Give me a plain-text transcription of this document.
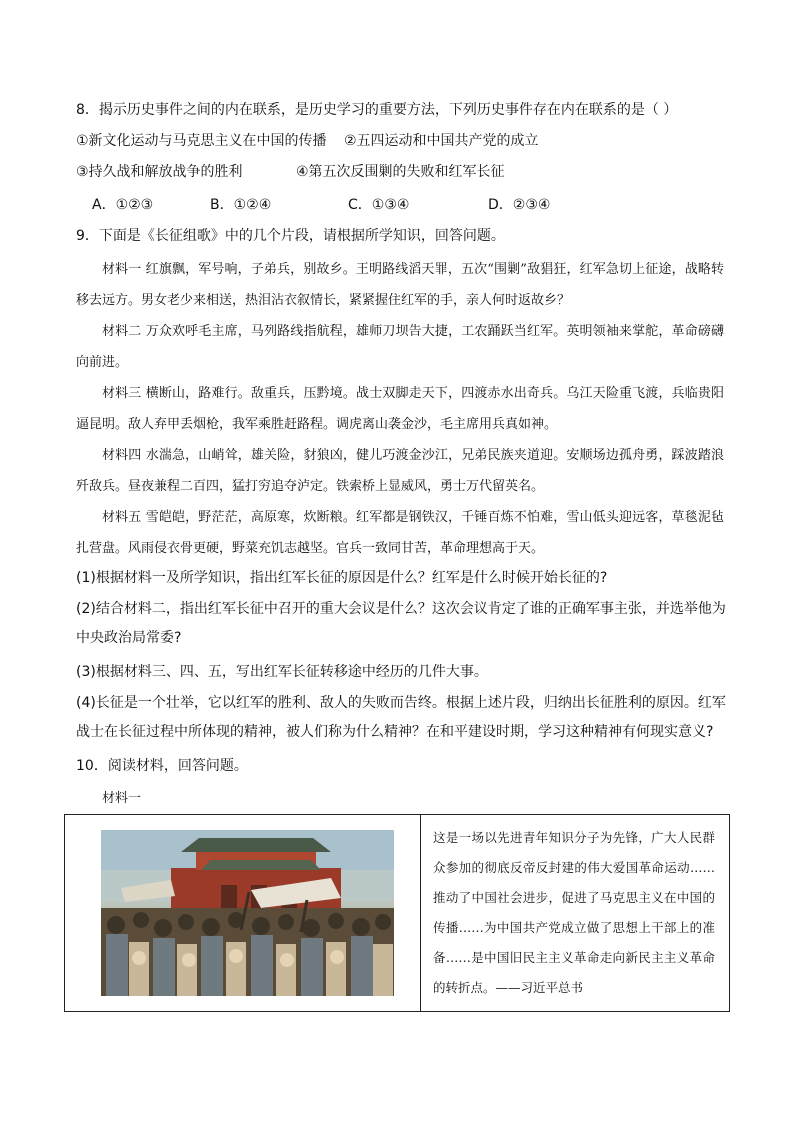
8．揭示历史事件之间的内在联系，是历史学习的重要方法，下列历史事件存在内在联系的是（ ）
①新文化运动与马克思主义在中国的传播 ②五四运动和中国共产党的成立
③持久战和解放战争的胜利	④第五次反围剿的失败和红军长征
A．①②③	B．①②④	C．①③④	D．②③④
9．下面是《长征组歌》中的几个片段，请根据所学知识，回答问题。
材料一 红旗飘，军号响，子弟兵，别故乡。王明路线滔天罪，五次“围剿”敌猖狂，红军急切上征途，战略转移去远方。男女老少来相送，热泪沾衣叙情长，紧紧握住红军的手，亲人何时返故乡？
材料二 万众欢呼毛主席，马列路线指航程，雄师刀坝告大捷，工农踊跃当红军。英明领袖来掌舵，革命磅礴向前进。
材料三 横断山，路难行。敌重兵，压黔境。战士双脚走天下，四渡赤水出奇兵。乌江天险重飞渡，兵临贵阳逼昆明。敌人弃甲丢烟枪，我军乘胜赶路程。调虎离山袭金沙，毛主席用兵真如神。
材料四 水湍急，山峭耸，雄关险，豺狼凶，健儿巧渡金沙江，兄弟民族夹道迎。安顺场边孤舟勇，踩波踏浪歼敌兵。昼夜兼程二百四，猛打穷追夺泸定。铁索桥上显威风，勇士万代留英名。
材料五 雪皑皑，野茫茫，高原寒，炊断粮。红军都是钢铁汉，千锤百炼不怕难，雪山低头迎远客，草毯泥毡扎营盘。风雨侵衣骨更硬，野菜充饥志越坚。官兵一致同甘苦，革命理想高于天。
(1)根据材料一及所学知识，指出红军长征的原因是什么？红军是什么时候开始长征的?
(2)结合材料二，指出红军长征中召开的重大会议是什么？这次会议肯定了谁的正确军事主张，并选举他为
中央政治局常委?
(3)根据材料三、四、五，写出红军长征转移途中经历的几件大事。
(4)长征是一个壮举，它以红军的胜利、敌人的失败而告终。根据上述片段，归纳出长征胜利的原因。红军
战士在长征过程中所体现的精神，被人们称为什么精神？在和平建设时期，学习这种精神有何现实意义?
10．阅读材料，回答问题。
材料一

这是一场以先进青年知识分子为先锋，广大人民群众参加的彻底反帝反封建的伟大爱国革命运动……推动了中国社会进步，促进了马克思主义在中国的传播……为中国共产党成立做了思想上干部上的准备……是中国旧民主主义革命走向新民主主义革命的转折点。——习近平总书
